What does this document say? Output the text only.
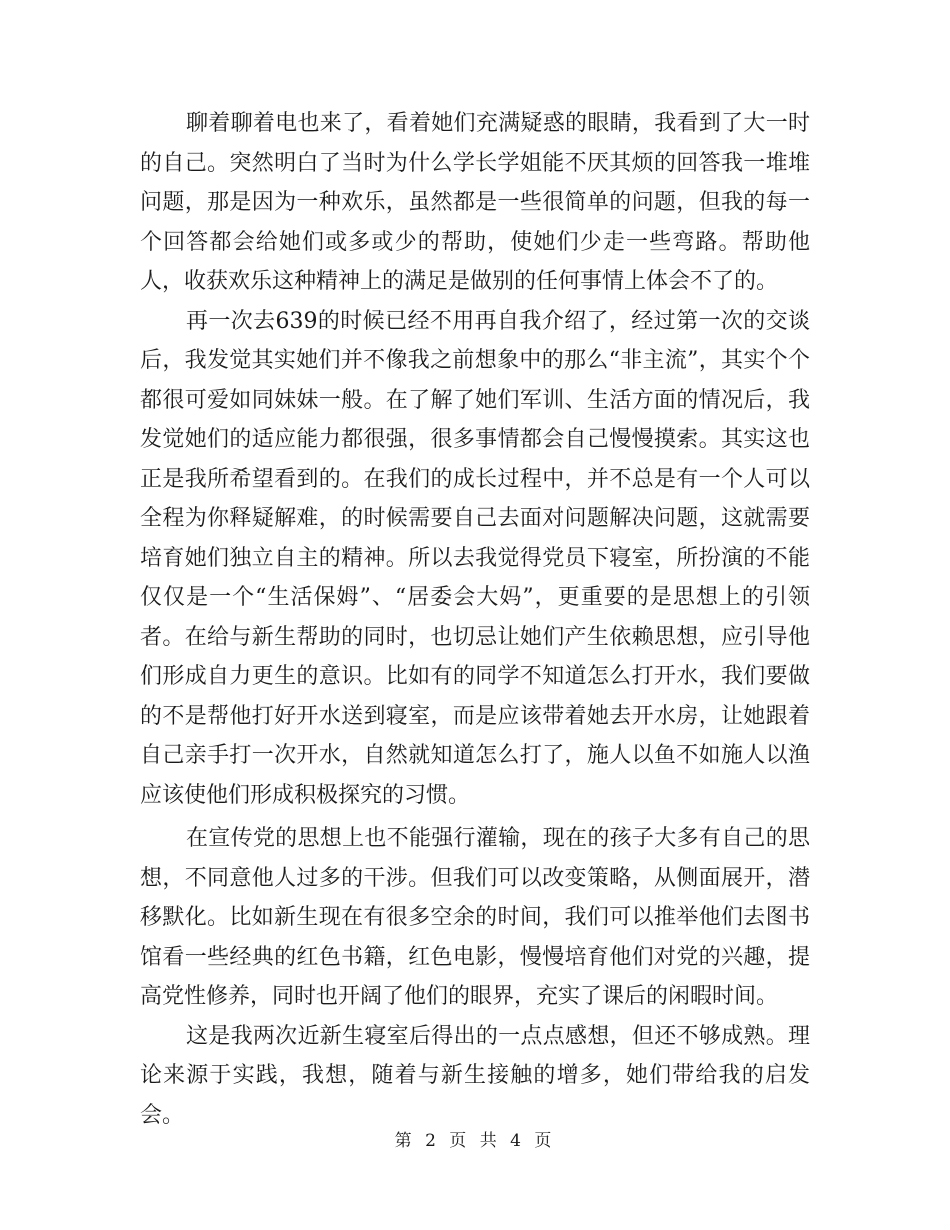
聊着聊着电也来了，看着她们充满疑惑的眼睛，我看到了大一时的自己。突然明白了当时为什么学长学姐能不厌其烦的回答我一堆堆问题，那是因为一种欢乐，虽然都是一些很简单的问题，但我的每一个回答都会给她们或多或少的帮助，使她们少走一些弯路。帮助他人，收获欢乐这种精神上的满足是做别的任何事情上体会不了的。

再一次去639的时候已经不用再自我介绍了，经过第一次的交谈后，我发觉其实她们并不像我之前想象中的那么“非主流”，其实个个都很可爱如同妹妹一般。在了解了她们军训、生活方面的情况后，我发觉她们的适应能力都很强，很多事情都会自己慢慢摸索。其实这也正是我所希望看到的。在我们的成长过程中，并不总是有一个人可以全程为你释疑解难，的时候需要自己去面对问题解决问题，这就需要培育她们独立自主的精神。所以去我觉得党员下寝室，所扮演的不能仅仅是一个“生活保姆”、“居委会大妈”，更重要的是思想上的引领者。在给与新生帮助的同时，也切忌让她们产生依赖思想，应引导他们形成自力更生的意识。比如有的同学不知道怎么打开水，我们要做的不是帮他打好开水送到寝室，而是应该带着她去开水房，让她跟着自己亲手打一次开水，自然就知道怎么打了，施人以鱼不如施人以渔应该使他们形成积极探究的习惯。

在宣传党的思想上也不能强行灌输，现在的孩子大多有自己的思想，不同意他人过多的干涉。但我们可以改变策略，从侧面展开，潜移默化。比如新生现在有很多空余的时间，我们可以推举他们去图书馆看一些经典的红色书籍，红色电影，慢慢培育他们对党的兴趣，提高党性修养，同时也开阔了他们的眼界，充实了课后的闲暇时间。

这是我两次近新生寝室后得出的一点点感想，但还不够成熟。理论来源于实践，我想，随着与新生接触的增多，她们带给我的启发会。

第 2 页 共 4 页
